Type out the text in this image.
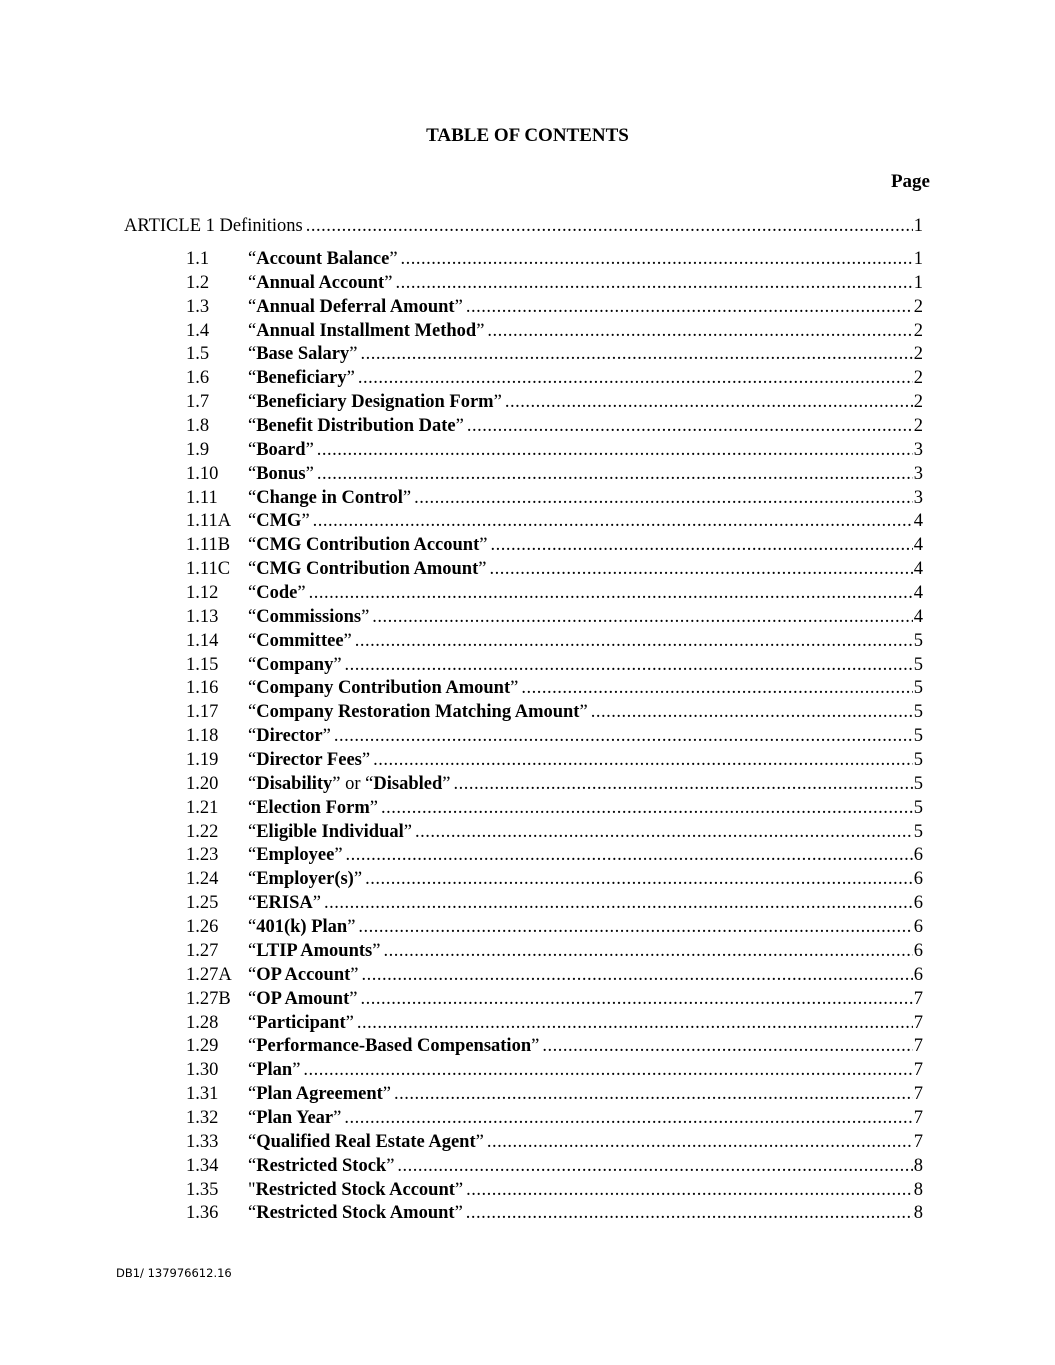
TABLE OF CONTENTS
Page
ARTICLE 1 Definitions .....	1
1.1	“Account Balance” .....	1
1.2	“Annual Account” .....	1
1.3	“Annual Deferral Amount” .....	2
1.4	“Annual Installment Method” .....	2
1.5	“Base Salary” .....	2
1.6	“Beneficiary” .....	2
1.7	“Beneficiary Designation Form” .....	2
1.8	“Benefit Distribution Date” .....	2
1.9	“Board” .....	3
1.10	“Bonus” .....	3
1.11	“Change in Control” .....	3
1.11A “CMG” .....	4
1.11B “CMG Contribution Account” .....	4
1.11C “CMG Contribution Amount” .....	4
1.12	“Code” .....	4
1.13	“Commissions” .....	4
1.14	“Committee” .....	5
1.15	“Company” .....	5
1.16	“Company Contribution Amount” .....	5
1.17	“Company Restoration Matching Amount” .....	5
1.18	“Director” .....	5
1.19	“Director Fees” .....	5
1.20	“Disability” or “Disabled” .....	5
1.21	“Election Form” .....	5
1.22	“Eligible Individual” .....	5
1.23	“Employee” .....	6
1.24	“Employer(s)” .....	6
1.25	“ERISA” .....	6
1.26	“401(k) Plan” .....	6
1.27	“LTIP Amounts” .....	6
1.27A “OP Account” .....	6
1.27B “OP Amount” .....	7
1.28	“Participant” .....	7
1.29	“Performance-Based Compensation” .....	7
1.30	“Plan” .....	7
1.31	“Plan Agreement” .....	7
1.32	“Plan Year” .....	7
1.33	“Qualified Real Estate Agent” .....	7
1.34	“Restricted Stock” .....	8
1.35	"Restricted Stock Account” .....	8
1.36	“Restricted Stock Amount” .....	8
DB1/ 137976612.16
